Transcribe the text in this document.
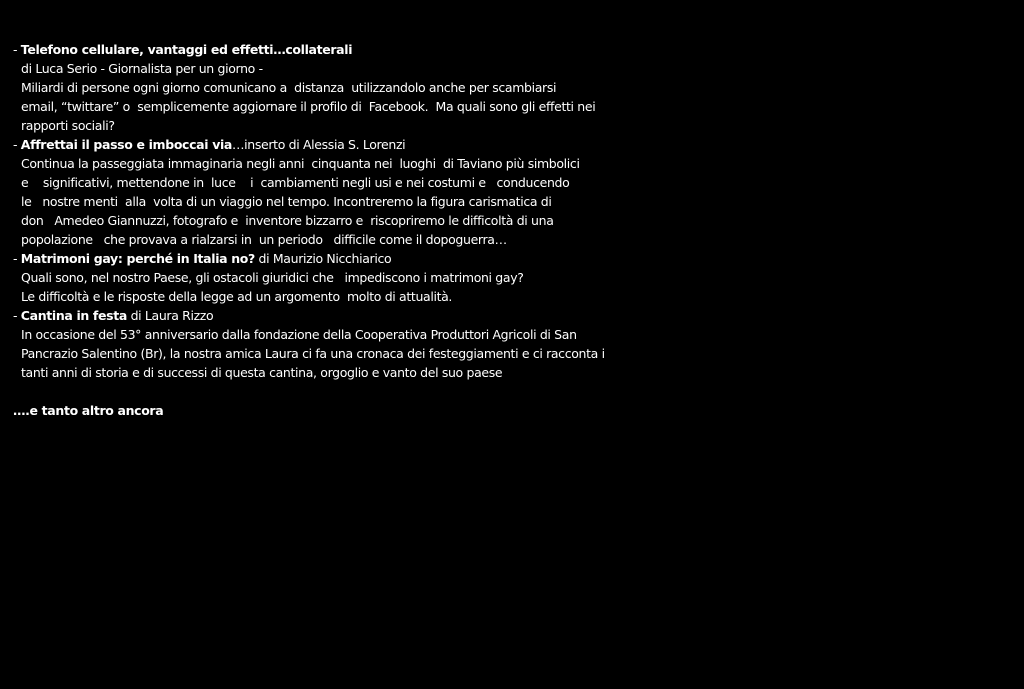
- Telefono cellulare, vantaggi ed effetti…collaterali
di Luca Serio - Giornalista per un giorno -
Miliardi di persone ogni giorno comunicano a  distanza  utilizzandolo anche per scambiarsi
email, “twittare” o  semplicemente aggiornare il profilo di  Facebook.  Ma quali sono gli effetti nei
rapporti sociali?
- Affrettai il passo e imboccai via…inserto di Alessia S. Lorenzi
Continua la passeggiata immaginaria negli anni  cinquanta nei  luoghi  di Taviano più simbolici
e    significativi, mettendone in  luce    i  cambiamenti negli usi e nei costumi e   conducendo
le   nostre menti  alla  volta di un viaggio nel tempo. Incontreremo la figura carismatica di
don   Amedeo Giannuzzi, fotografo e  inventore bizzarro e  riscopriremo le difficoltà di una
popolazione   che provava a rialzarsi in  un periodo   difficile come il dopoguerra…
- Matrimoni gay: perché in Italia no? di Maurizio Nicchiarico
Quali sono, nel nostro Paese, gli ostacoli giuridici che   impediscono i matrimoni gay?
Le difficoltà e le risposte della legge ad un argomento  molto di attualità.
- Cantina in festa di Laura Rizzo
In occasione del 53° anniversario dalla fondazione della Cooperativa Produttori Agricoli di San
Pancrazio Salentino (Br), la nostra amica Laura ci fa una cronaca dei festeggiamenti e ci racconta i
tanti anni di storia e di successi di questa cantina, orgoglio e vanto del suo paese
….e tanto altro ancora
